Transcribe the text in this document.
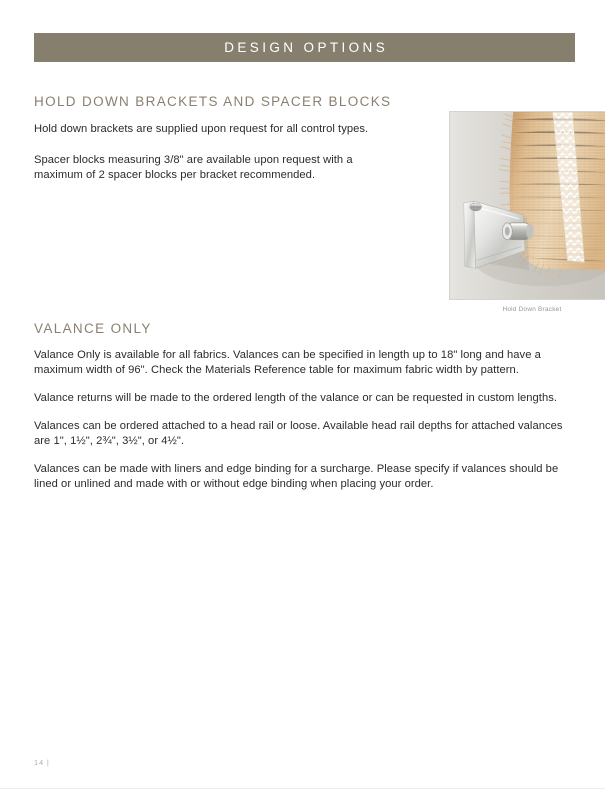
DESIGN OPTIONS
HOLD DOWN BRACKETS AND SPACER BLOCKS

Hold down brackets are supplied upon request for all control types.

Spacer blocks measuring 3/8" are available upon request with a maximum of 2 spacer blocks per bracket recommended.

Hold Down Bracket
VALANCE ONLY

Valance Only is available for all fabrics. Valances can be specified in length up to 18" long and have a maximum width of 96". Check the Materials Reference table for maximum fabric width by pattern.

Valance returns will be made to the ordered length of the valance or can be requested in custom lengths.

Valances can be ordered attached to a head rail or loose. Available head rail depths for attached valances are 1", 1½", 2¾", 3½", or 4½".

Valances can be made with liners and edge binding for a surcharge. Please specify if valances should be lined or unlined and made with or without edge binding when placing your order.

14 |
